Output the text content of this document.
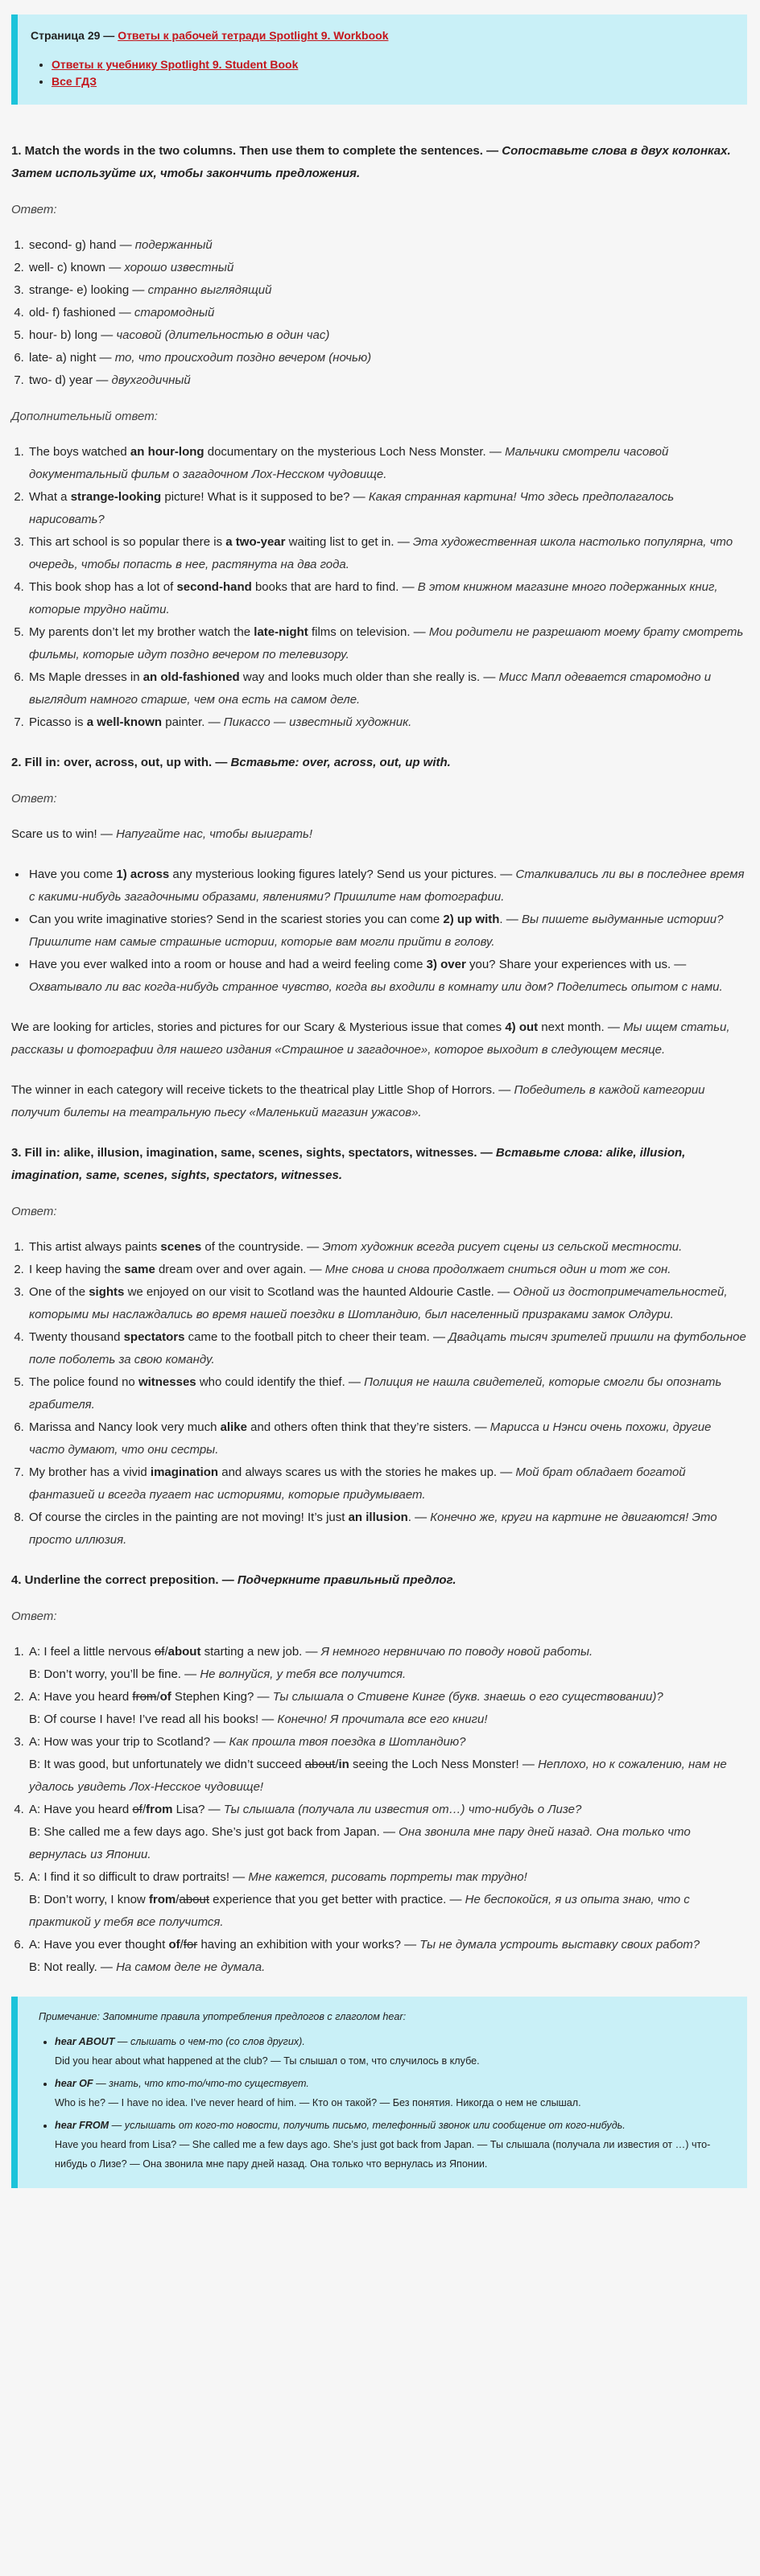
Страница 29 — Ответы к рабочей тетради Spotlight 9. Workbook
• Ответы к учебнику Spotlight 9. Student Book
• Все ГДЗ
1. Match the words in the two columns. Then use them to complete the sentences. — Сопоставьте слова в двух колонках. Затем используйте их, чтобы закончить предложения.
Ответ:
1. second- g) hand — подержанный
2. well- c) known — хорошо известный
3. strange- e) looking — странно выглядящий
4. old- f) fashioned — старомодный
5. hour- b) long — часовой (длительностью в один час)
6. late- a) night — то, что происходит поздно вечером (ночью)
7. two- d) year — двухгодичный
Дополнительный ответ:
1. The boys watched an hour-long documentary on the mysterious Loch Ness Monster. — Мальчики смотрели часовой документальный фильм о загадочном Лох-Несском чудовище.
2. What a strange-looking picture! What is it supposed to be? — Какая странная картина! Что здесь предполагалось нарисовать?
3. This art school is so popular there is a two-year waiting list to get in. — Эта художественная школа настолько популярна, что очередь, чтобы попасть в нее, растянута на два года.
4. This book shop has a lot of second-hand books that are hard to find. — В этом книжном магазине много подержанных книг, которые трудно найти.
5. My parents don’t let my brother watch the late-night films on television. — Мои родители не разрешают моему брату смотреть фильмы, которые идут поздно вечером по телевизору.
6. Ms Maple dresses in an old-fashioned way and looks much older than she really is. — Мисс Мапл одевается старомодно и выглядит намного старше, чем она есть на самом деле.
7. Picasso is a well-known painter. — Пикассо — известный художник.
2. Fill in: over, across, out, up with. — Вставьте: over, across, out, up with.
Ответ:
Scare us to win! — Напугайте нас, чтобы выиграть!
• Have you come 1) across any mysterious looking figures lately? Send us your pictures. — Сталкивались ли вы в последнее время с какими-нибудь загадочными образами, явлениями? Пришлите нам фотографии.
• Can you write imaginative stories? Send in the scariest stories you can come 2) up with. — Вы пишете выдуманные истории? Пришлите нам самые страшные истории, которые вам могли прийти в голову.
• Have you ever walked into a room or house and had a weird feeling come 3) over you? Share your experiences with us. — Охватывало ли вас когда-нибудь странное чувство, когда вы входили в комнату или дом? Поделитесь опытом с нами.
We are looking for articles, stories and pictures for our Scary & Mysterious issue that comes 4) out next month. — Мы ищем статьи, рассказы и фотографии для нашего издания «Страшное и загадочное», которое выходит в следующем месяце.
The winner in each category will receive tickets to the theatrical play Little Shop of Horrors. — Победитель в каждой категории получит билеты на театральную пьесу «Маленький магазин ужасов».
3. Fill in: alike, illusion, imagination, same, scenes, sights, spectators, witnesses. — Вставьте слова: alike, illusion, imagination, same, scenes, sights, spectators, witnesses.
Ответ:
1. This artist always paints scenes of the countryside. — Этот художник всегда рисует сцены из сельской местности.
2. I keep having the same dream over and over again. — Мне снова и снова продолжает сниться один и тот же сон.
3. One of the sights we enjoyed on our visit to Scotland was the haunted Aldourie Castle. — Одной из достопримечательностей, которыми мы наслаждались во время нашей поездки в Шотландию, был населенный призраками замок Олдури.
4. Twenty thousand spectators came to the football pitch to cheer their team. — Двадцать тысяч зрителей пришли на футбольное поле поболеть за свою команду.
5. The police found no witnesses who could identify the thief. — Полиция не нашла свидетелей, которые смогли бы опознать грабителя.
6. Marissa and Nancy look very much alike and others often think that they’re sisters. — Марисса и Нэнси очень похожи, другие часто думают, что они сестры.
7. My brother has a vivid imagination and always scares us with the stories he makes up. — Мой брат обладает богатой фантазией и всегда пугает нас историями, которые придумывает.
8. Of course the circles in the painting are not moving! It’s just an illusion. — Конечно же, круги на картине не двигаются! Это просто иллюзия.
4. Underline the correct preposition. — Подчеркните правильный предлог.
Ответ:
1. A: I feel a little nervous of/about starting a new job. — Я немного нервничаю по поводу новой работы.
B: Don’t worry, you’ll be fine. — Не волнуйся, у тебя все получится.
2. A: Have you heard from/of Stephen King? — Ты слышала о Стивене Кинге (букв. знаешь о его существовании)?
B: Of course I have! I’ve read all his books! — Конечно! Я прочитала все его книги!
3. A: How was your trip to Scotland? — Как прошла твоя поездка в Шотландию?
B: It was good, but unfortunately we didn’t succeed about/in seeing the Loch Ness Monster! — Неплохо, но к сожалению, нам не удалось увидеть Лох-Несское чудовище!
4. A: Have you heard of/from Lisa? — Ты слышала (получала ли известия от…) что-нибудь о Лизе?
B: She called me a few days ago. She’s just got back from Japan. — Она звонила мне пару дней назад. Она только что вернулась из Японии.
5. A: I find it so difficult to draw portraits! — Мне кажется, рисовать портреты так трудно!
B: Don’t worry, I know from/about experience that you get better with practice. — Не беспокойся, я из опыта знаю, что с практикой у тебя все получится.
6. A: Have you ever thought of/for having an exhibition with your works? — Ты не думала устроить выставку своих работ?
B: Not really. — На самом деле не думала.
Примечание: Запомните правила употребления предлогов с глаголом hear:
• hear ABOUT — слышать о чем-то (со слов других).
Did you hear about what happened at the club? — Ты слышал о том, что случилось в клубе.
• hear OF — знать, что кто-то/что-то существует.
Who is he? — I have no idea. I’ve never heard of him. — Кто он такой? — Без понятия. Никогда о нем не слышал.
• hear FROM — услышать от кого-то новости, получить письмо, телефонный звонок или сообщение от кого-нибудь.
Have you heard from Lisa? — She called me a few days ago. She’s just got back from Japan. — Ты слышала (получала ли известия от …) что-нибудь о Лизе? — Она звонила мне пару дней назад. Она только что вернулась из Японии.
